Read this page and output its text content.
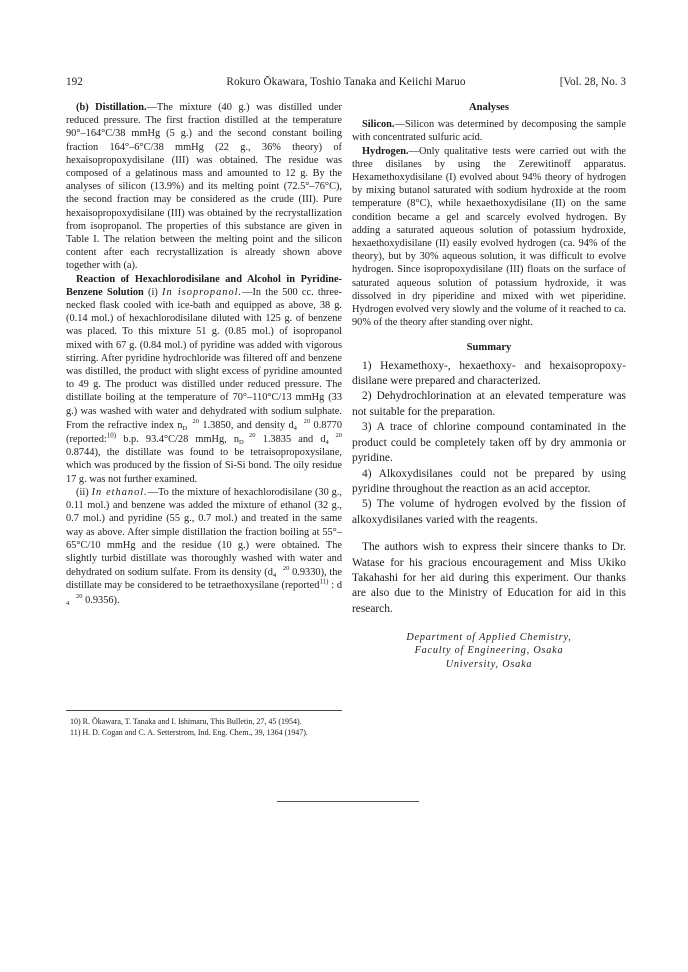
192	Rokuro Ōkawara, Toshio Tanaka and Keiichi Maruo	[Vol. 28, No. 3

(b) Distillation.—The mixture (40 g.) was distilled under reduced pressure. The first fraction distilled at the temperature 90°–164°C/38 mmHg (5 g.) and the second constant boiling fraction 164°–6°C/38 mmHg (22 g., 36% theory) of hexaisopropoxydisilane (III) was obtained. The residue was composed of a gelatinous mass and amounted to 12 g. By the analyses of silicon (13.9%) and its melting point (72.5°–76°C), the second fraction may be considered as the crude (III). Pure hexaisopropoxydisilane (III) was obtained by the recrystallization from isopropanol. The properties of this substance are given in Table I. The relation between the melting point and the silicon content after each recrystallization is already shown above together with (a).

Reaction of Hexachlorodisilane and Alcohol in Pyridine-Benzene Solution (i) In isopropanol.—In the 500 cc. three-necked flask cooled with ice-bath and equipped as above, 38 g. (0.14 mol.) of hexachlorodisilane diluted with 125 g. of benzene was placed. To this mixture 51 g. (0.85 mol.) of isopropanol mixed with 67 g. (0.84 mol.) of pyridine was added with vigorous stirring. After pyridine hydrochloride was filtered off and benzene was distilled, the product with slight excess of pyridine amounted to 49 g. The product was distilled under reduced pressure. The distillate boiling at the temperature of 70°–110°C/13 mmHg (33 g.) was washed with water and dehydrated with sodium sulphate. From the refractive index n 20
D 1.3850, and density d 20
4 0.8770 (reported:$^{10)}$ b.p. 93.4°C/28 mmHg, n 20
D 1.3835 and d 20
4 0.8744), the distillate was found to be tetraisopropoxysilane, which was produced by the fission of Si-Si bond. The oily residue 17 g. was not further examined.

(ii) In ethanol.—To the mixture of hexachlorodisilane (30 g., 0.11 mol.) and benzene was added the mixture of ethanol (32 g., 0.7 mol.) and pyridine (55 g., 0.7 mol.) and treated in the same way as above. After simple distillation the fraction boiling at 55°–65°C/10 mmHg and the residue (10 g.) were obtained. The slightly turbid distillate was thoroughly washed with water and dehydrated on sodium sulfate. From its density (d 20
4 0.9330), the distillate may be considered to be tetraethoxysilane (reported$^{11)}$ : d20
4 0.9356).

10) R. Ōkawara, T. Tanaka and I. Ishimaru, This Bulletin, 27, 45 (1954).

11) H. D. Cogan and C. A. Setterstrom, Ind. Eng. Chem., 39, 1364 (1947).

Analyses

Silicon.—Silicon was determined by decomposing the sample with concentrated sulfuric acid.

Hydrogen.—Only qualitative tests were carried out with the three disilanes by using the Zerewitinoff apparatus. Hexamethoxydisilane (I) evolved about 94% theory of hydrogen by mixing butanol saturated with sodium hydroxide at the room temperature (8°C), while hexaethoxydisilane (II) on the same condition became a gel and scarcely evolved hydrogen. By adding a saturated aqueous solution of potassium hydroxide, hexaethoxydisilane (II) easily evolved hydrogen (ca. 94% of the theory), but by 30% aqueous solution, it was difficult to evolve hydrogen. Since isopropoxydisilane (III) floats on the surface of saturated aqueous solution of potassium hydroxide, it was dissolved in dry piperidine and mixed with wet piperidine. Hydrogen evolved very slowly and the volume of it reached to ca. 90% of the theory after standing over night.

Summary

1) Hexamethoxy-, hexaethoxy- and hexaisopropoxy-disilane were prepared and characterized.

2) Dehydrochlorination at an elevated temperature was not suitable for the preparation.

3) A trace of chlorine compound contaminated in the product could be completely taken off by dry ammonia or pyridine.

4) Alkoxydisilanes could not be prepared by using pyridine throughout the reaction as an acid acceptor.

5) The volume of hydrogen evolved by the fission of alkoxydisilanes varied with the reagents.

The authors wish to express their sincere thanks to Dr. Watase for his gracious encouragement and Miss Ukiko Takahashi for her aid during this experiment. Our thanks are also due to the Ministry of Education for aid in this research.

Department of Applied Chemistry,
Faculty of Engineering, Osaka
University, Osaka
